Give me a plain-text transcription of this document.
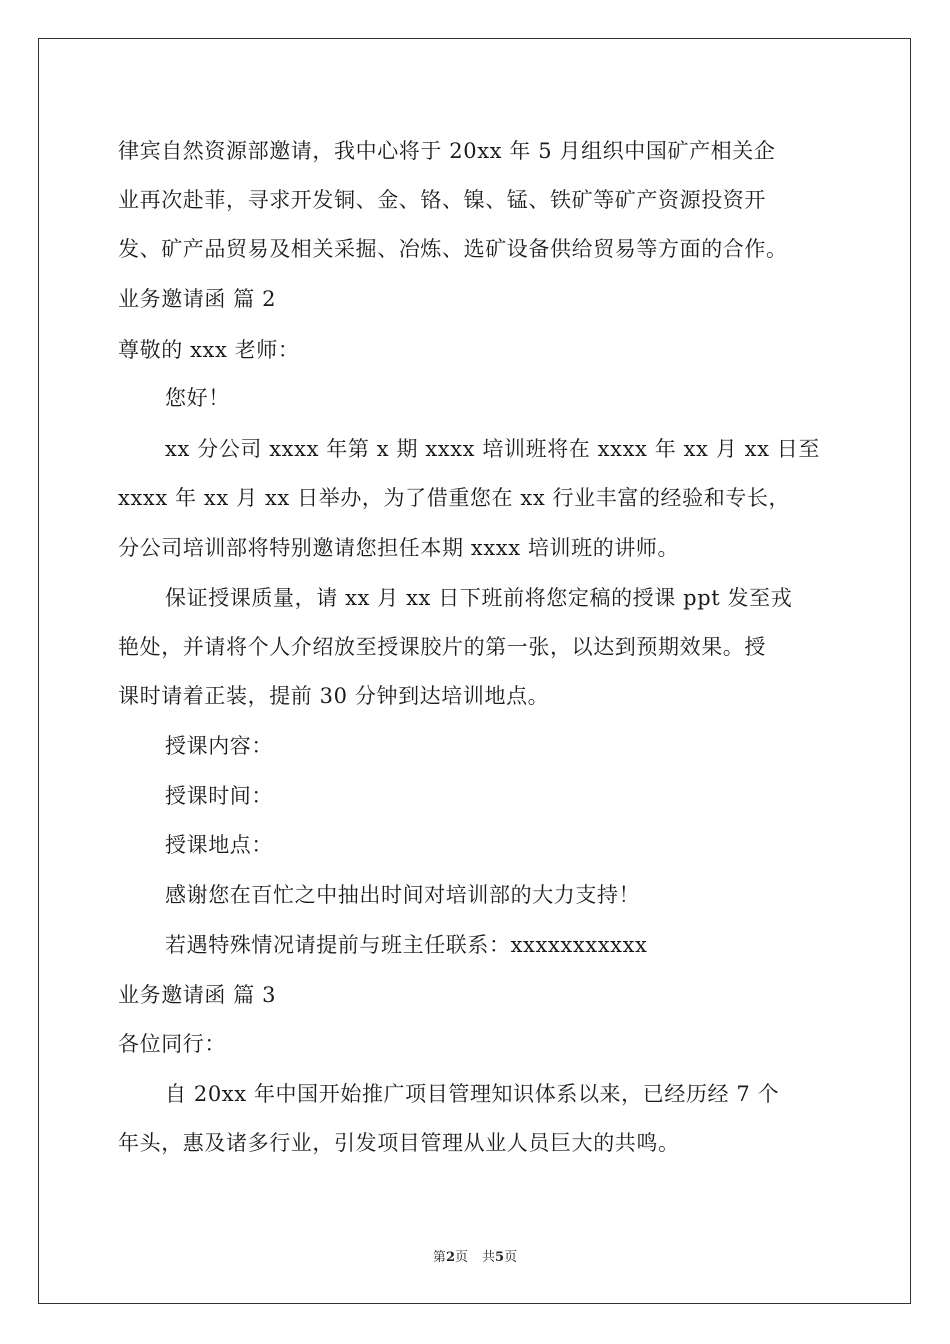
律宾自然资源部邀请，我中心将于 20xx 年 5 月组织中国矿产相关企
业再次赴菲，寻求开发铜、金、铬、镍、锰、铁矿等矿产资源投资开
发、矿产品贸易及相关采掘、冶炼、选矿设备供给贸易等方面的合作。
业务邀请函 篇 2
尊敬的 xxx 老师：
您好！
xx 分公司 xxxx 年第 x 期 xxxx 培训班将在 xxxx 年 xx 月 xx 日至
xxxx 年 xx 月 xx 日举办，为了借重您在 xx 行业丰富的经验和专长，
分公司培训部将特别邀请您担任本期 xxxx 培训班的讲师。
保证授课质量，请 xx 月 xx 日下班前将您定稿的授课 ppt 发至戎
艳处，并请将个人介绍放至授课胶片的第一张，以达到预期效果。授
课时请着正装，提前 30 分钟到达培训地点。
授课内容：
授课时间：
授课地点：
感谢您在百忙之中抽出时间对培训部的大力支持！
若遇特殊情况请提前与班主任联系：xxxxxxxxxxx
业务邀请函 篇 3
各位同行：
自 20xx 年中国开始推广项目管理知识体系以来，已经历经 7 个
年头，惠及诸多行业，引发项目管理从业人员巨大的共鸣。
第2页 共5页
